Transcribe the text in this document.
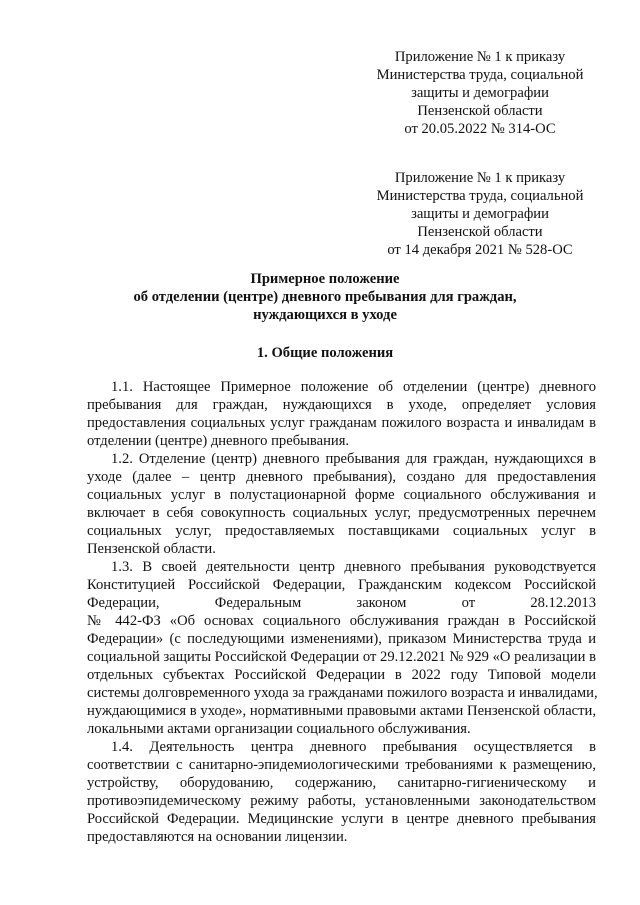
Приложение № 1 к приказу
Министерства труда, социальной
защиты и демографии
Пензенской области
от 20.05.2022 № 314-ОС
Приложение № 1 к приказу
Министерства труда, социальной
защиты и демографии
Пензенской области
от 14 декабря 2021 № 528-ОС
Примерное положение
об отделении (центре) дневного пребывания для граждан,
нуждающихся в уходе
1. Общие положения
1.1. Настоящее Примерное положение об отделении (центре) дневного
пребывания для граждан, нуждающихся в уходе, определяет условия
предоставления социальных услуг гражданам пожилого возраста и инвалидам в
отделении (центре) дневного пребывания.
1.2. Отделение (центр) дневного пребывания для граждан, нуждающихся в
уходе (далее – центр дневного пребывания), создано для предоставления
социальных услуг в полустационарной форме социального обслуживания и
включает в себя совокупность социальных услуг, предусмотренных перечнем
социальных услуг, предоставляемых поставщиками социальных услуг в
Пензенской области.
1.3. В своей деятельности центр дневного пребывания руководствуется
Конституцией Российской Федерации, Гражданским кодексом Российской
Федерации, Федеральным законом от 28.12.2013
№ 442-ФЗ «Об основах социального обслуживания граждан в Российской
Федерации» (с последующими изменениями), приказом Министерства труда и
социальной защиты Российской Федерации от 29.12.2021 № 929 «О реализации в
отдельных субъектах Российской Федерации в 2022 году Типовой модели
системы долговременного ухода за гражданами пожилого возраста и инвалидами,
нуждающимися в уходе», нормативными правовыми актами Пензенской области,
локальными актами организации социального обслуживания.
1.4. Деятельность центра дневного пребывания осуществляется в
соответствии с санитарно-эпидемиологическими требованиями к размещению,
устройству, оборудованию, содержанию, санитарно-гигиеническому и
противоэпидемическому режиму работы, установленными законодательством
Российской Федерации. Медицинские услуги в центре дневного пребывания
предоставляются на основании лицензии.
